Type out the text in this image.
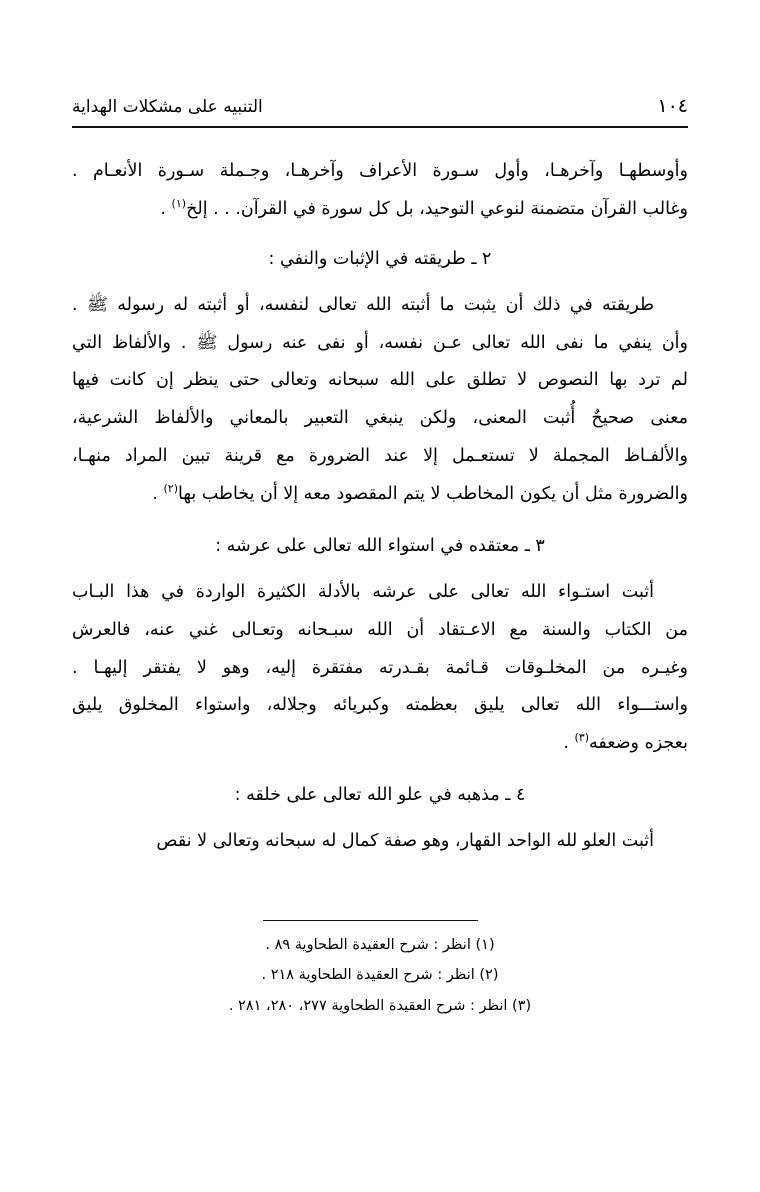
التنبيه على مشكلات الهداية	١٠٤

وأوسطهـا وآخرهـا، وأول سـورة الأعراف وآخرهـا، وجـملة سـورة الأنعـام .

وغالب القرآن متضمنة لنوعي التوحيد، بل كل سورة في القرآن. . . إلخ$^{(١)}$ .

٢ ـ طريقته في الإثبات والنفي :

طريقته في ذلك أن يثبت ما أثبته الله تعالى لنفسه، أو أثبته له رسوله ﷺ .

وأن ينفي ما نفى الله تعالى عـن نفسه، أو نفى عنه رسول ﷺ . والألفاظ التي

لم ترد بها النصوص لا تطلق على الله سبحانه وتعالى حتى ينظر إن كانت فيها

معنى صحيحٌ أُثبت المعنى، ولكن ينبغي التعبير بالمعاني والألفاظ الشرعية،

والألفـاظ المجملة لا تستعـمل إلا عند الضرورة مع قرينة تبين المراد منهـا،

والضرورة مثل أن يكون المخاطب لا يتم المقصود معه إلا أن يخاطب بها$^{(٢)}$ .

٣ ـ معتقده في استواء الله تعالى على عرشه :

أثبت استـواء الله تعالى على عرشه بالأدلة الكثيرة الواردة في هذا البـاب

من الكتاب والسنة مع الاعـتقاد أن الله سبـحانه وتعـالى غني عنه، فالعرش

وغيـره من المخلـوقات قـائمة بقـدرته مفتقرة إليه، وهو لا يفتقر إليهـا .

واستـــواء الله تعالى يليق بعظمته وكبريائه وجلاله، واستواء المخلوق يليق

بعجزه وضعفه$^{(٣)}$ .

٤ ـ مذهبه في علو الله تعالى على خلقه :

أثبت العلو لله الواحد القهار، وهو صفة كمال له سبحانه وتعالى لا نقص

(١) انظر : شرح العقيدة الطحاوية ٨٩ .

(٢) انظر : شرح العقيدة الطحاوية ٢١٨ .

(٣) انظر : شرح العقيدة الطحاوية ٢٧٧، ٢٨٠، ٢٨١ .
